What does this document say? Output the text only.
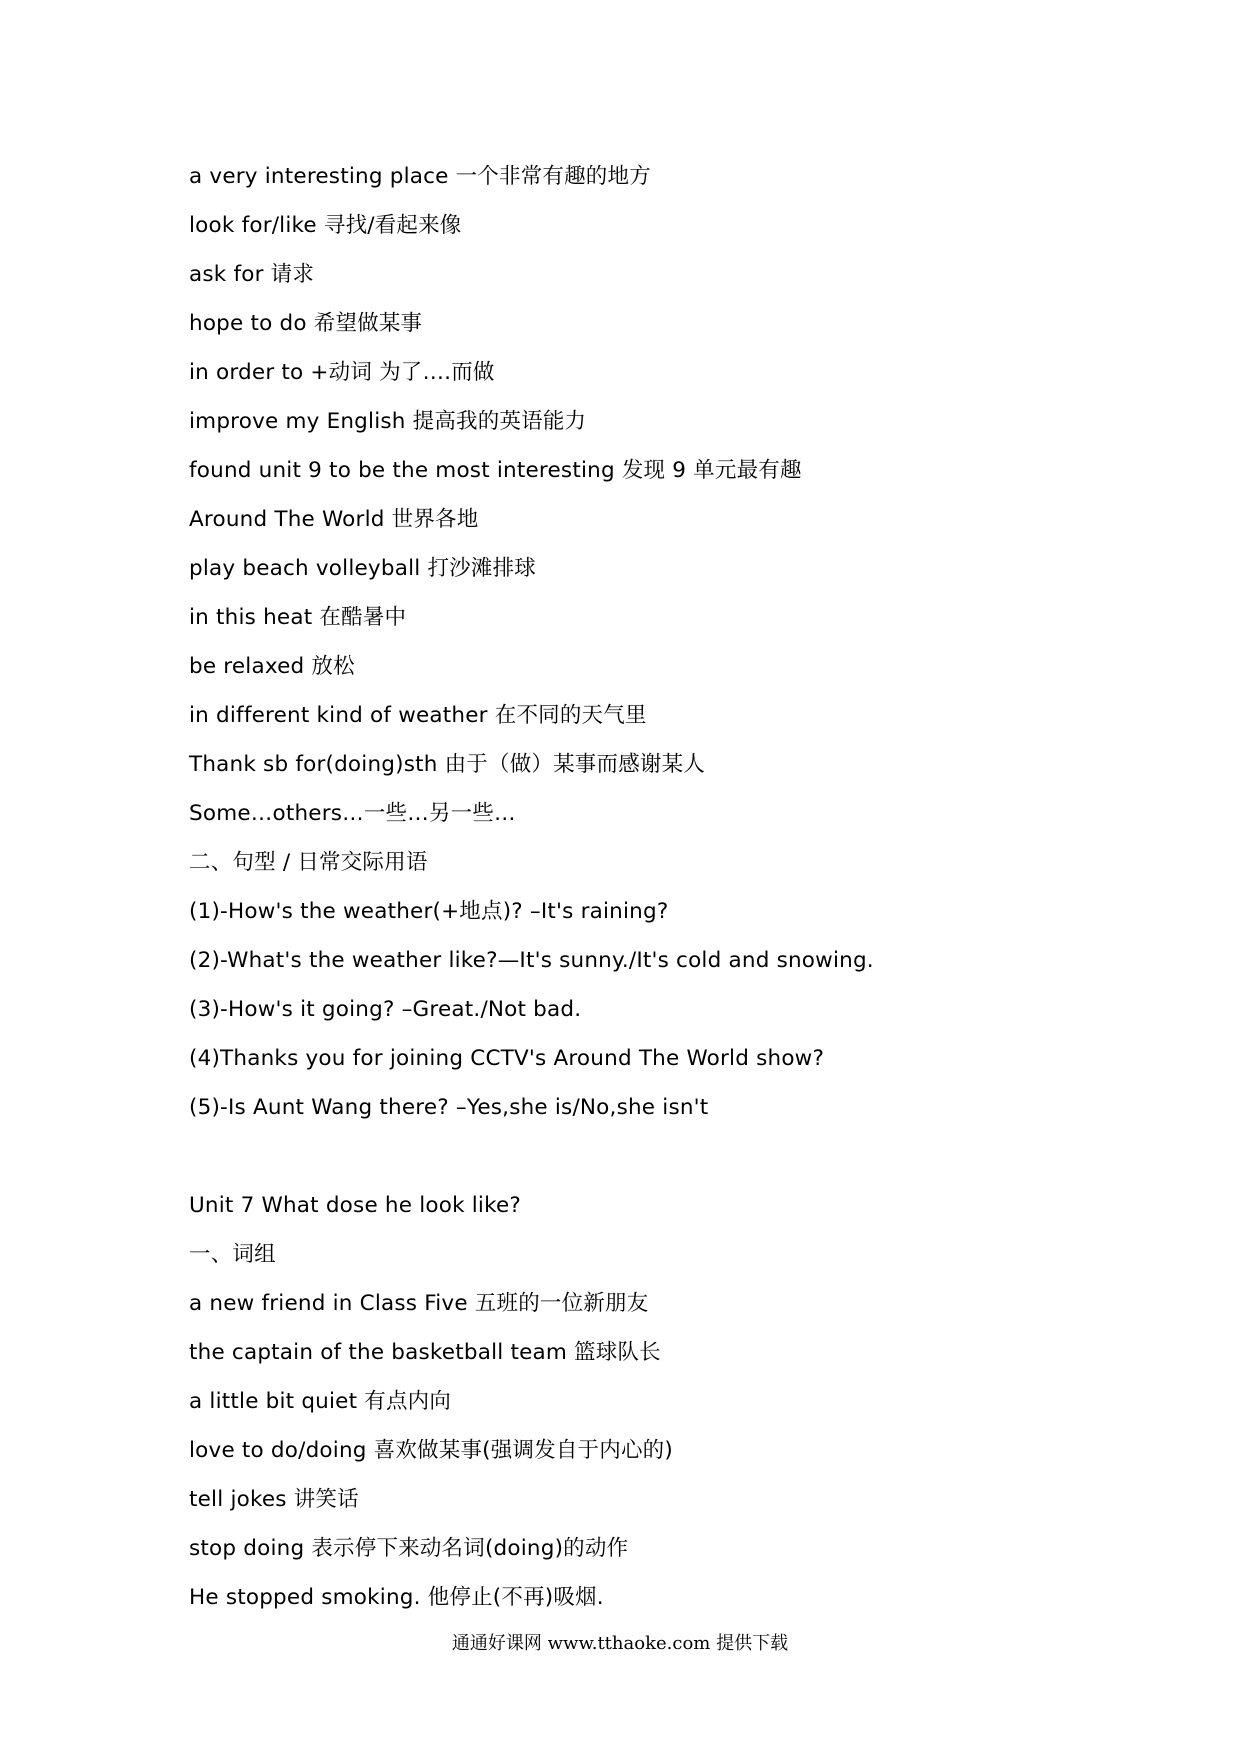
a very interesting place 一个非常有趣的地方
look for/like 寻找/看起来像
ask for 请求
hope to do 希望做某事
in order to +动词 为了….而做
improve my English 提高我的英语能力
found unit 9 to be the most interesting 发现 9 单元最有趣
Around The World 世界各地
play beach volleyball 打沙滩排球
in this heat 在酷暑中
be relaxed 放松
in different kind of weather 在不同的天气里
Thank sb for(doing)sth 由于（做）某事而感谢某人
Some…others…一些…另一些…
二、句型 / 日常交际用语
(1)-How's the weather(+地点)? –It's raining?
(2)-What's the weather like?—It's sunny./It's cold and snowing.
(3)-How's it going? –Great./Not bad.
(4)Thanks you for joining CCTV's Around The World show?
(5)-Is Aunt Wang there? –Yes,she is/No,she isn't
Unit 7 What dose he look like?
一、词组
a new friend in Class Five 五班的一位新朋友
the captain of the basketball team 篮球队长
a little bit quiet 有点内向
love to do/doing 喜欢做某事(强调发自于内心的)
tell jokes 讲笑话
stop doing 表示停下来动名词(doing)的动作
He stopped smoking. 他停止(不再)吸烟.
通通好课网 www.tthaoke.com 提供下载
